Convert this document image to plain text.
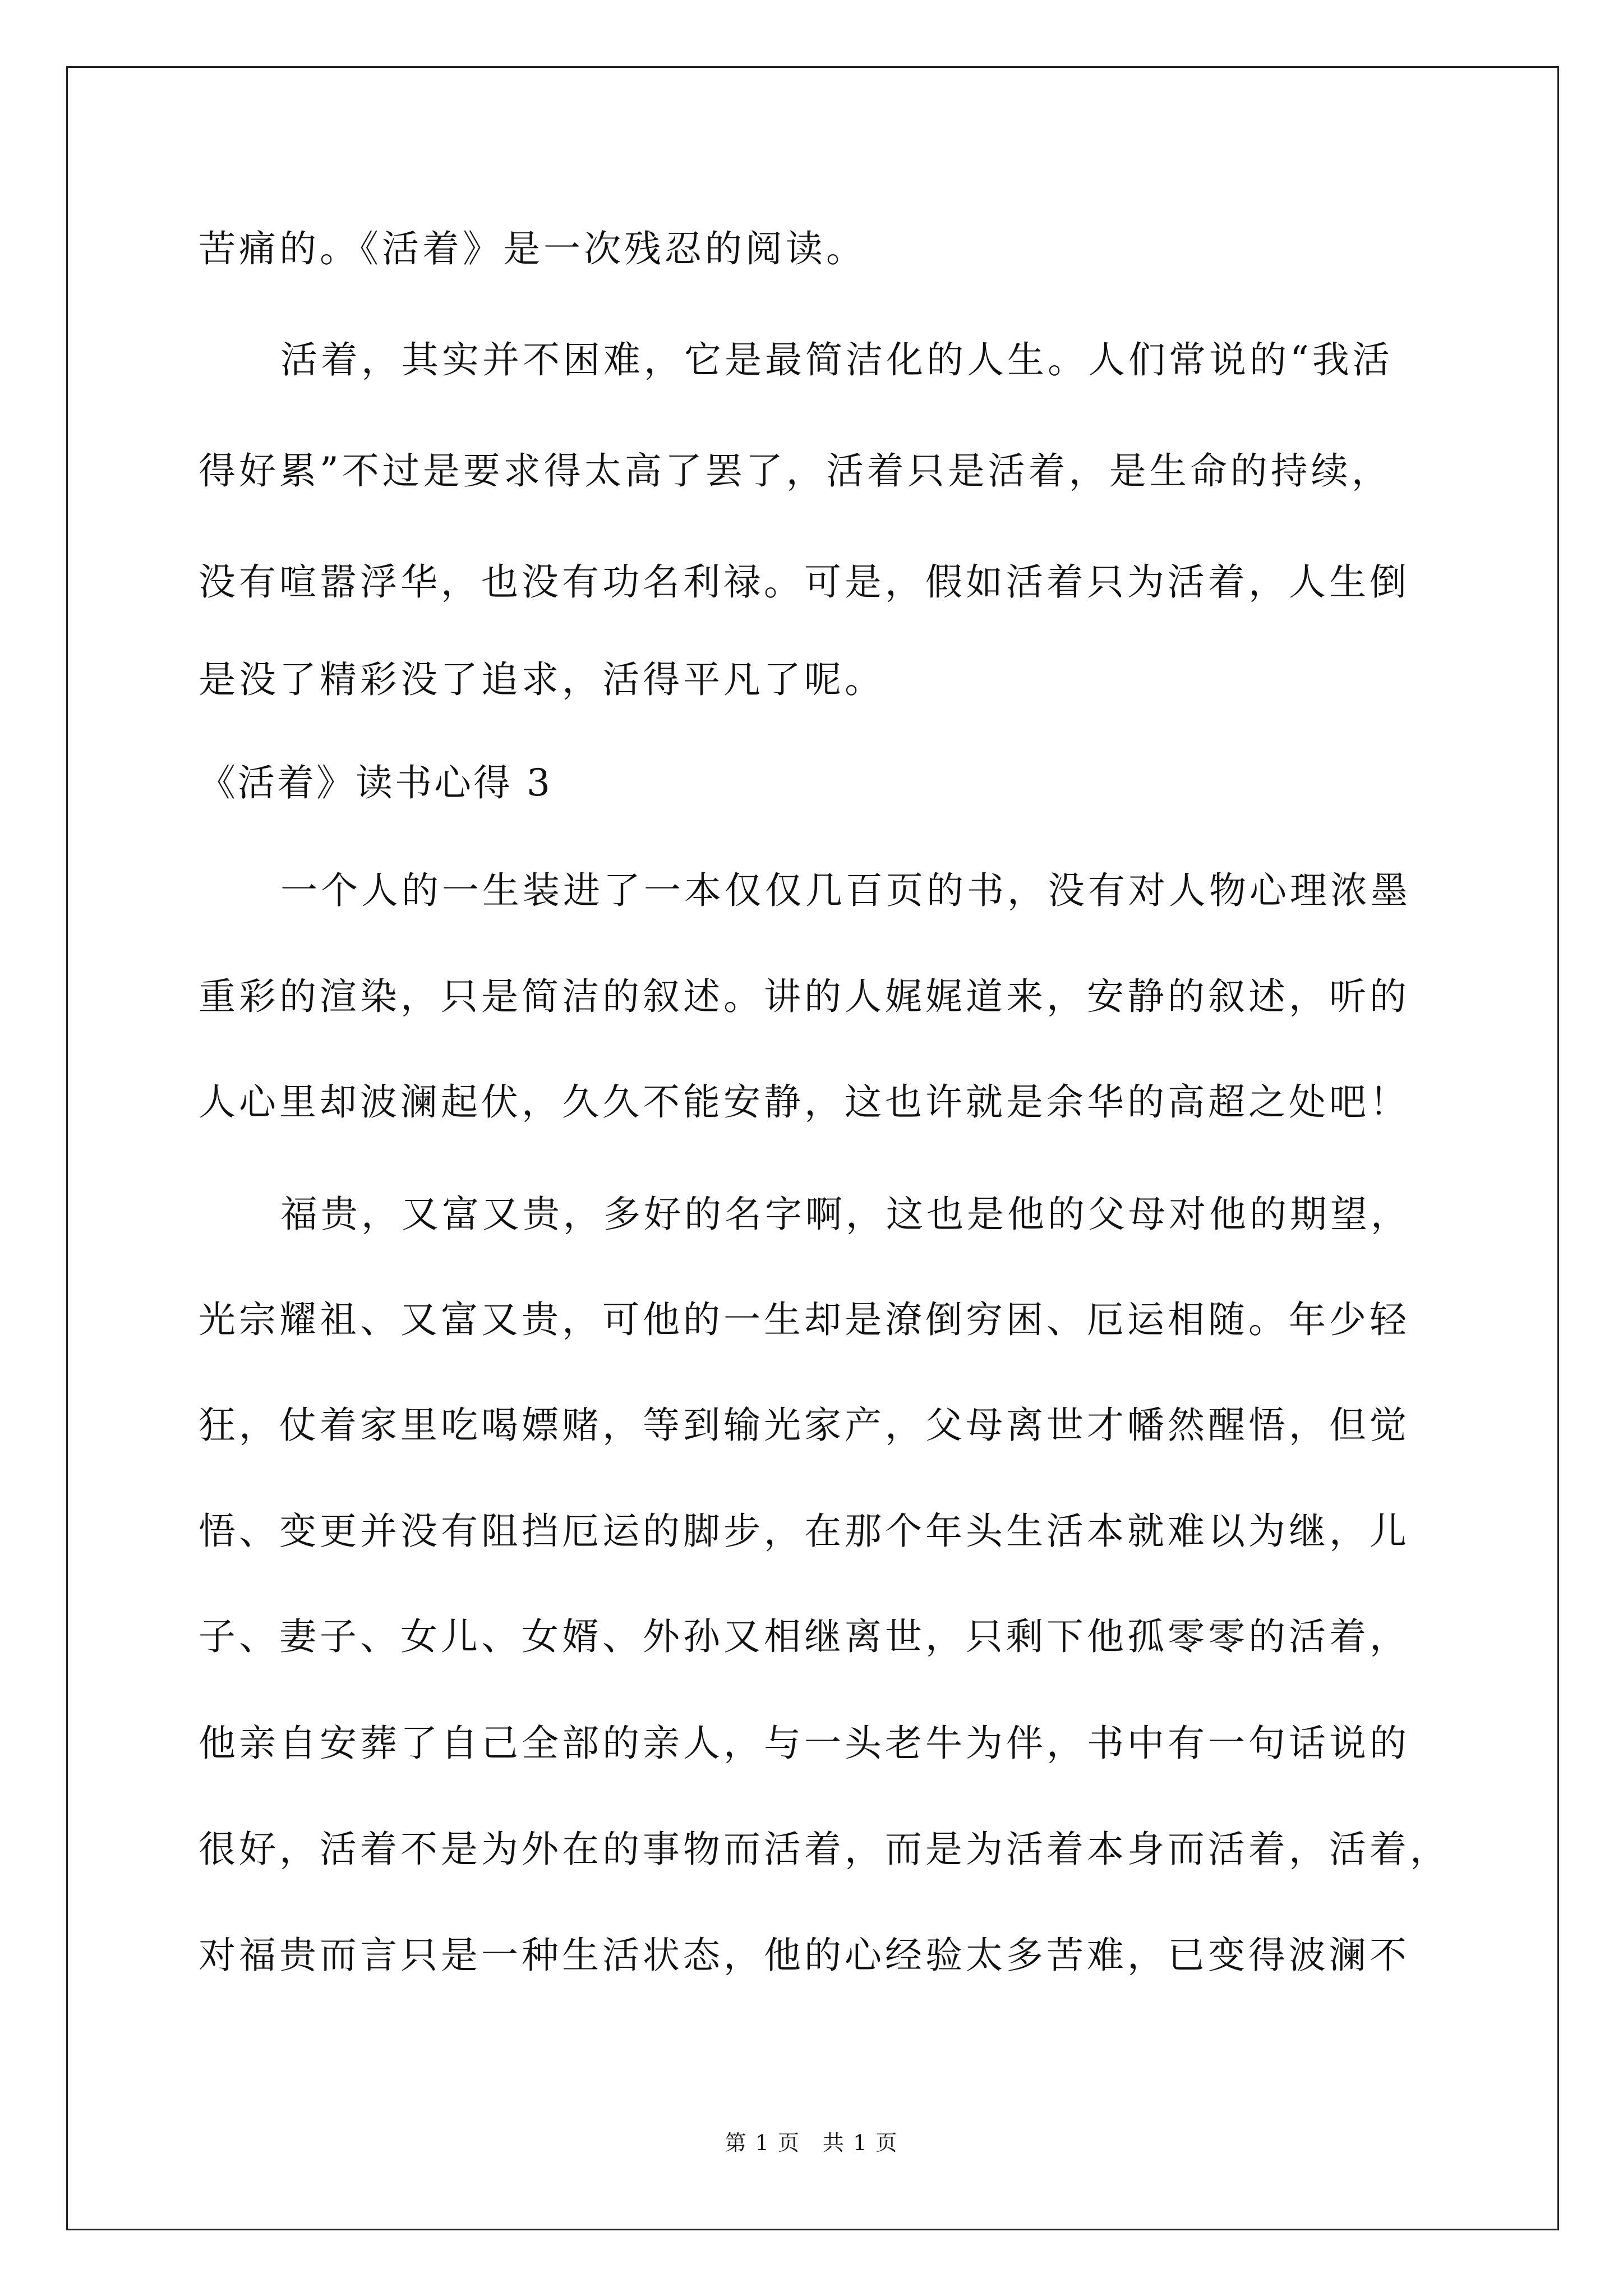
苦痛的。《活着》是一次残忍的阅读。
活着，其实并不困难，它是最简洁化的人生。人们常说的“我活
得好累”不过是要求得太高了罢了，活着只是活着，是生命的持续，
没有喧嚣浮华，也没有功名利禄。可是，假如活着只为活着，人生倒
是没了精彩没了追求，活得平凡了呢。
《活着》读书心得 3
一个人的一生装进了一本仅仅几百页的书，没有对人物心理浓墨
重彩的渲染，只是简洁的叙述。讲的人娓娓道来，安静的叙述，听的
人心里却波澜起伏，久久不能安静，这也许就是余华的高超之处吧！
福贵，又富又贵，多好的名字啊，这也是他的父母对他的期望，
光宗耀祖、又富又贵，可他的一生却是潦倒穷困、厄运相随。年少轻
狂，仗着家里吃喝嫖赌，等到输光家产，父母离世才幡然醒悟，但觉
悟、变更并没有阻挡厄运的脚步，在那个年头生活本就难以为继，儿
子、妻子、女儿、女婿、外孙又相继离世，只剩下他孤零零的活着，
他亲自安葬了自己全部的亲人，与一头老牛为伴，书中有一句话说的
很好，活着不是为外在的事物而活着，而是为活着本身而活着，活着，
对福贵而言只是一种生活状态，他的心经验太多苦难，已变得波澜不
第 1 页　共 1 页
